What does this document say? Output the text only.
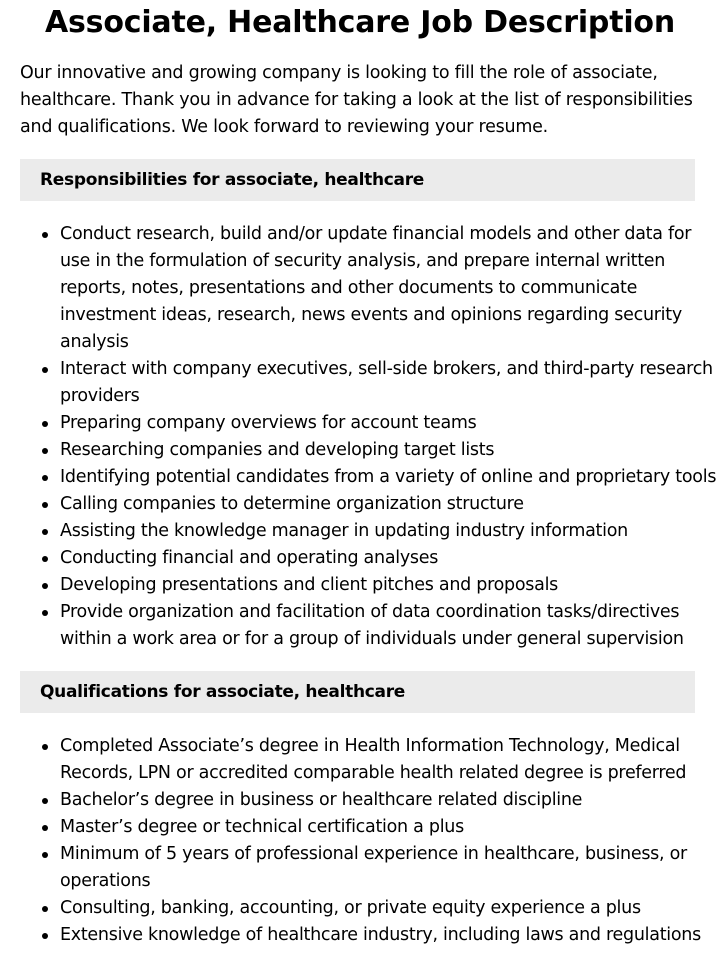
Associate, Healthcare Job Description

Our innovative and growing company is looking to fill the role of associate, healthcare. Thank you in advance for taking a look at the list of responsibilities and qualifications. We look forward to reviewing your resume.

Responsibilities for associate, healthcare
Conduct research, build and/or update financial models and other data for
use in the formulation of security analysis, and prepare internal written
reports, notes, presentations and other documents to communicate
investment ideas, research, news events and opinions regarding security
analysis
Interact with company executives, sell-side brokers, and third-party research
providers
Preparing company overviews for account teams
Researching companies and developing target lists
Identifying potential candidates from a variety of online and proprietary tools
Calling companies to determine organization structure
Assisting the knowledge manager in updating industry information
Conducting financial and operating analyses
Developing presentations and client pitches and proposals
Provide organization and facilitation of data coordination tasks/directives
within a work area or for a group of individuals under general supervision
Qualifications for associate, healthcare
Completed Associate’s degree in Health Information Technology, Medical
Records, LPN or accredited comparable health related degree is preferred
Bachelor’s degree in business or healthcare related discipline
Master’s degree or technical certification a plus
Minimum of 5 years of professional experience in healthcare, business, or
operations
Consulting, banking, accounting, or private equity experience a plus
Extensive knowledge of healthcare industry, including laws and regulations
